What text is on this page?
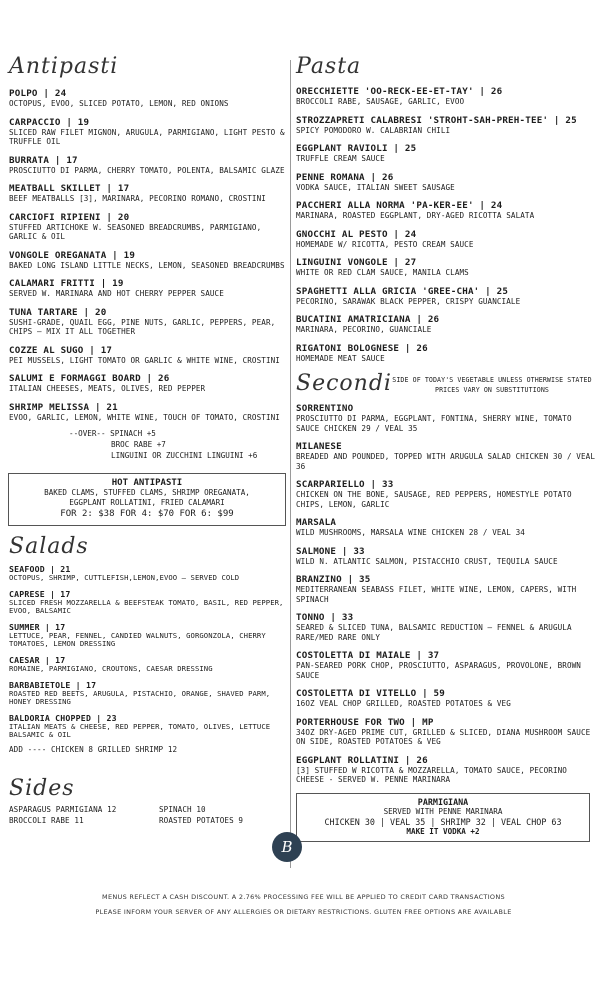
Antipasti
POLPO | 24
OCTOPUS, EVOO, SLICED POTATO, LEMON, RED ONIONS
CARPACCIO | 19
SLICED RAW FILET MIGNON, ARUGULA, PARMIGIANO, LIGHT PESTO & TRUFFLE OIL
BURRATA | 17
PROSCIUTTO DI PARMA, CHERRY TOMATO, POLENTA, BALSAMIC GLAZE
MEATBALL SKILLET | 17
BEEF MEATBALLS [3], MARINARA, PECORINO ROMANO, CROSTINI
CARCIOFI RIPIENI | 20
STUFFED ARTICHOKE W. SEASONED BREADCRUMBS, PARMIGIANO, GARLIC & OIL
VONGOLE OREGANATA | 19
BAKED LONG ISLAND LITTLE NECKS, LEMON, SEASONED BREADCRUMBS
CALAMARI FRITTI | 19
SERVED W. MARINARA AND HOT CHERRY PEPPER SAUCE
TUNA TARTARE | 20
SUSHI-GRADE, QUAIL EGG, PINE NUTS, GARLIC, PEPPERS, PEAR, CHIPS — MIX IT ALL TOGETHER
COZZE AL SUGO | 17
PEI MUSSELS, LIGHT TOMATO OR GARLIC & WHITE WINE, CROSTINI
SALUMI E FORMAGGI BOARD | 26
ITALIAN CHEESES, MEATS, OLIVES, RED PEPPER
SHRIMP MELISSA | 21
EVOO, GARLIC, LEMON, WHITE WINE, TOUCH OF TOMATO, CROSTINI
--OVER-- SPINACH +5
BROC RABE +7
LINGUINI OR ZUCCHINI LINGUINI +6
HOT ANTIPASTI
BAKED CLAMS, STUFFED CLAMS, SHRIMP OREGANATA,
EGGPLANT ROLLATINI, FRIED CALAMARI
FOR 2: $38 FOR 4: $70 FOR 6: $99
Salads
SEAFOOD | 21
OCTOPUS, SHRIMP, CUTTLEFISH,LEMON,EVOO — SERVED COLD
CAPRESE | 17
SLICED FRESH MOZZARELLA & BEEFSTEAK TOMATO, BASIL, RED PEPPER, EVOO, BALSAMIC
SUMMER | 17
LETTUCE, PEAR, FENNEL, CANDIED WALNUTS, GORGONZOLA, CHERRY TOMATOES, LEMON DRESSING
CAESAR | 17
ROMAINE, PARMIGIANO, CROUTONS, CAESAR DRESSING
BARBABIETOLE | 17
ROASTED RED BEETS, ARUGULA, PISTACHIO, ORANGE, SHAVED PARM, HONEY DRESSING
BALDORIA CHOPPED | 23
ITALIAN MEATS & CHEESE, RED PEPPER, TOMATO, OLIVES, LETTUCE BALSAMIC & OIL
ADD ---- CHICKEN 8 GRILLED SHRIMP 12
Sides
ASPARAGUS PARMIGIANA 12	SPINACH 10
BROCCOLI RABE 11	ROASTED POTATOES 9
Pasta
ORECCHIETTE 'OO-RECK-EE-ET-TAY' | 26
BROCCOLI RABE, SAUSAGE, GARLIC, EVOO
STROZZAPRETI CALABRESI 'STROHT-SAH-PREH-TEE' | 25
SPICY POMODORO W. CALABRIAN CHILI
EGGPLANT RAVIOLI | 25
TRUFFLE CREAM SAUCE
PENNE ROMANA | 26
VODKA SAUCE, ITALIAN SWEET SAUSAGE
PACCHERI ALLA NORMA 'PA-KER-EE' | 24
MARINARA, ROASTED EGGPLANT, DRY-AGED RICOTTA SALATA
GNOCCHI AL PESTO | 24
HOMEMADE W/ RICOTTA, PESTO CREAM SAUCE
LINGUINI VONGOLE | 27
WHITE OR RED CLAM SAUCE, MANILA CLAMS
SPAGHETTI ALLA GRICIA 'GREE-CHA' | 25
PECORINO, SARAWAK BLACK PEPPER, CRISPY GUANCIALE
BUCATINI AMATRICIANA | 26
MARINARA, PECORINO, GUANCIALE
RIGATONI BOLOGNESE | 26
HOMEMADE MEAT SAUCE
Secondi SIDE OF TODAY'S VEGETABLE UNLESS OTHERWISE STATED
PRICES VARY ON SUBSTITUTIONS
SORRENTINO
PROSCIUTTO DI PARMA, EGGPLANT, FONTINA, SHERRY WINE, TOMATO SAUCE CHICKEN 29 / VEAL 35
MILANESE
BREADED AND POUNDED, TOPPED WITH ARUGULA SALAD CHICKEN 30 / VEAL 36
SCARPARIELLO | 33
CHICKEN ON THE BONE, SAUSAGE, RED PEPPERS, HOMESTYLE POTATO CHIPS, LEMON, GARLIC
MARSALA
WILD MUSHROOMS, MARSALA WINE CHICKEN 28 / VEAL 34
SALMONE | 33
WILD N. ATLANTIC SALMON, PISTACCHIO CRUST, TEQUILA SAUCE
BRANZINO | 35
MEDITERRANEAN SEABASS FILET, WHITE WINE, LEMON, CAPERS, WITH SPINACH
TONNO | 33
SEARED & SLICED TUNA, BALSAMIC REDUCTION — FENNEL & ARUGULA RARE/MED RARE ONLY
COSTOLETTA DI MAIALE | 37
PAN-SEARED PORK CHOP, PROSCIUTTO, ASPARAGUS, PROVOLONE, BROWN SAUCE
COSTOLETTA DI VITELLO | 59
16OZ VEAL CHOP GRILLED, ROASTED POTATOES & VEG
PORTERHOUSE FOR TWO | MP
34OZ DRY-AGED PRIME CUT, GRILLED & SLICED, DIANA MUSHROOM SAUCE ON SIDE, ROASTED POTATOES & VEG
EGGPLANT ROLLATINI | 26
[3] STUFFED W RICOTTA & MOZZARELLA, TOMATO SAUCE, PECORINO CHEESE - SERVED W. PENNE MARINARA
PARMIGIANA
SERVED WITH PENNE MARINARA
CHICKEN 30 | VEAL 35 | SHRIMP 32 | VEAL CHOP 63
MAKE IT VODKA +2
B
MENUS REFLECT A CASH DISCOUNT. A 2.76% PROCESSING FEE WILL BE APPLIED TO CREDIT CARD TRANSACTIONS
PLEASE INFORM YOUR SERVER OF ANY ALLERGIES OR DIETARY RESTRICTIONS. GLUTEN FREE OPTIONS ARE AVAILABLE
